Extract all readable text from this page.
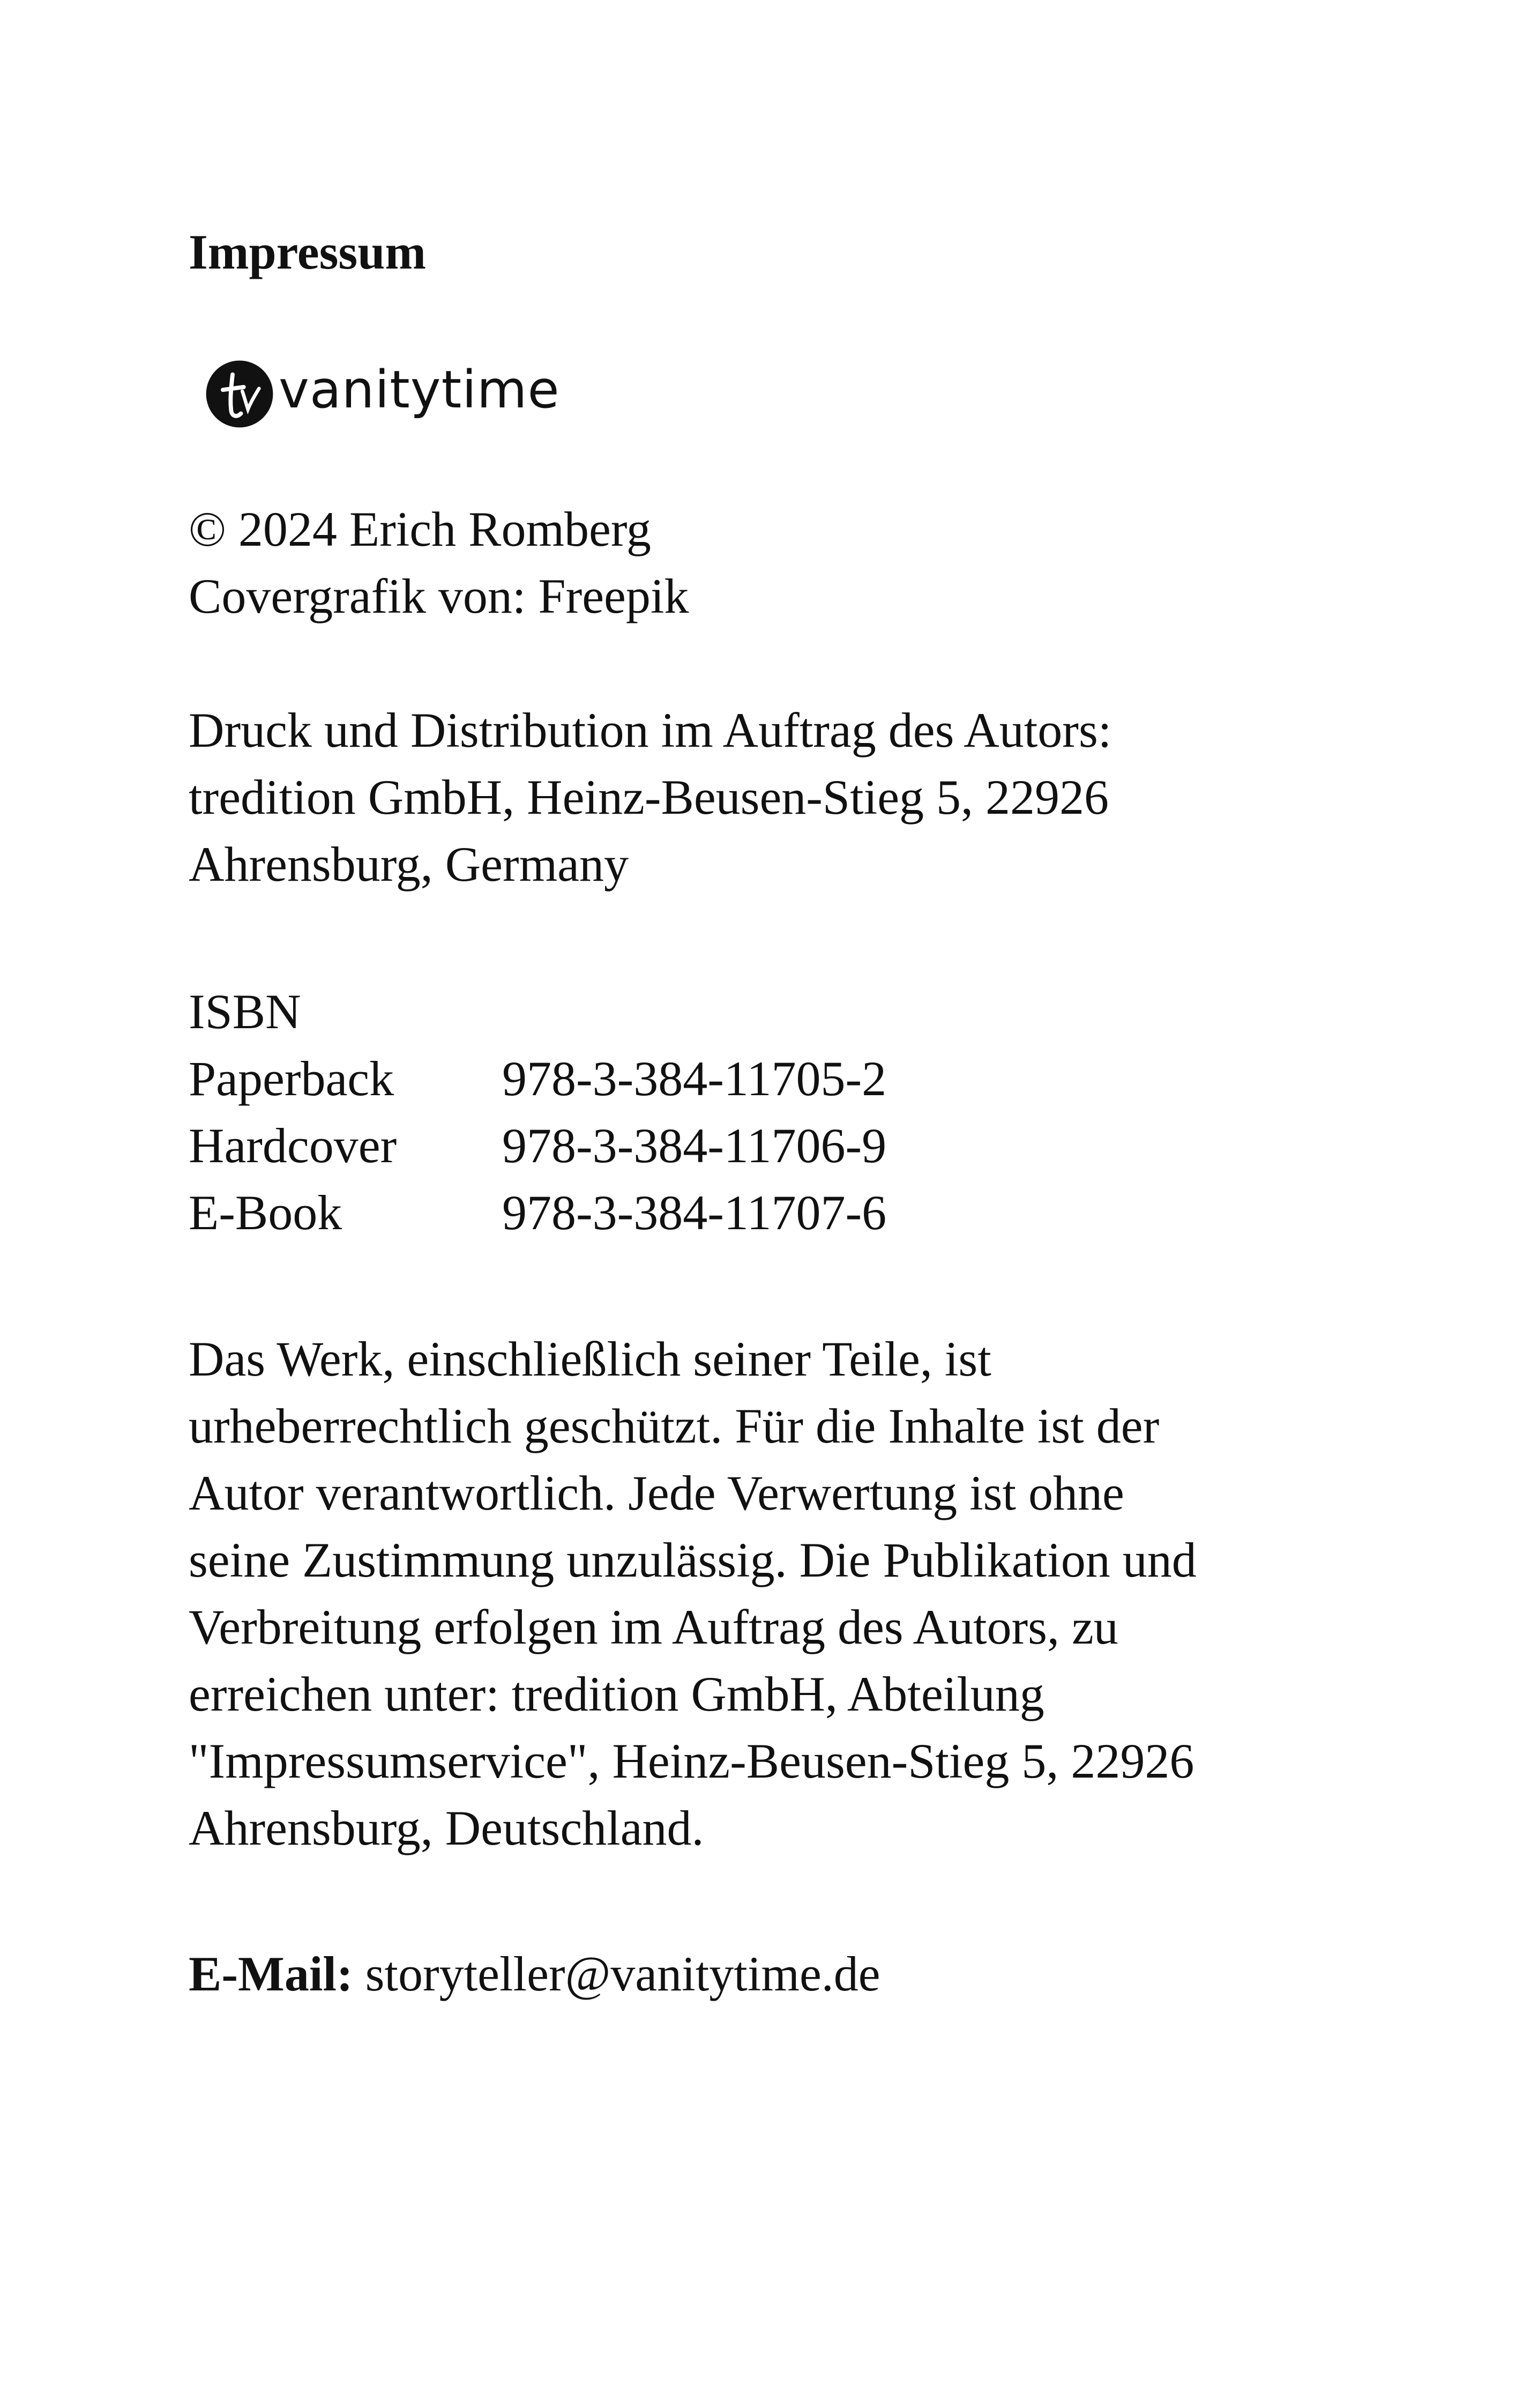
Impressum
vanitytime

© 2024 Erich Romberg

Covergrafik von: Freepik

Druck und Distribution im Auftrag des Autors:

tredition GmbH, Heinz-Beusen-Stieg 5, 22926

Ahrensburg, Germany

ISBN

Paperback	978-3-384-11705-2
Hardcover	978-3-384-11706-9
E-Book	978-3-384-11707-6

Das Werk, einschließlich seiner Teile, ist

urheberrechtlich geschützt. Für die Inhalte ist der

Autor verantwortlich. Jede Verwertung ist ohne

seine Zustimmung unzulässig. Die Publikation und

Verbreitung erfolgen im Auftrag des Autors, zu

erreichen unter: tredition GmbH, Abteilung

"Impressumservice", Heinz-Beusen-Stieg 5, 22926

Ahrensburg, Deutschland.

E-Mail: storyteller@vanitytime.de
